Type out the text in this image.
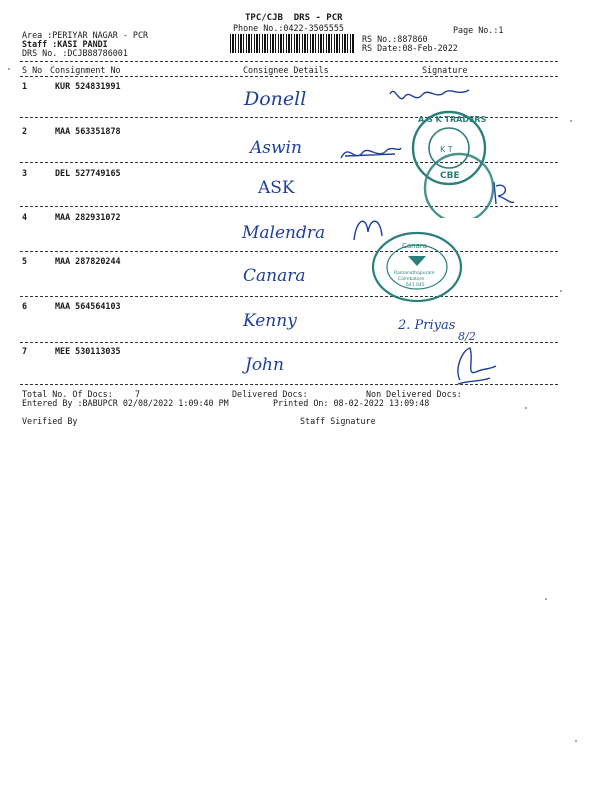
TPC/CJB  DRS - PCR
Phone No.:0422-3505555	Page No.:1
Area :PERIYAR NAGAR - PCR
Staff :KASI PANDI
DRS No. :DCJB88786001
RS No.:887860
RS Date:08-Feb-2022
S No Consignment No	Consignee Details	Signature
1	KUR 524831991
Donell
2	MAA 563351878
Aswin
3	DEL 527749165
ASK
4	MAA 282931072
Malendra
5	MAA 287820244
Canara
6	MAA 564564103
Kenny	2. Priyas
8/2
7	MEE 530113035
John
A S K TRADERS
K T
CBE
Canara
Ramanathapuram
Coimbatore
641 045
Total No. Of Docs:	7	Delivered Docs:	Non Delivered Docs:
Entered By :BABUPCR 02/08/2022 1:09:40 PM	Printed On: 08-02-2022 13:09:48
Verified By	Staff Signature
